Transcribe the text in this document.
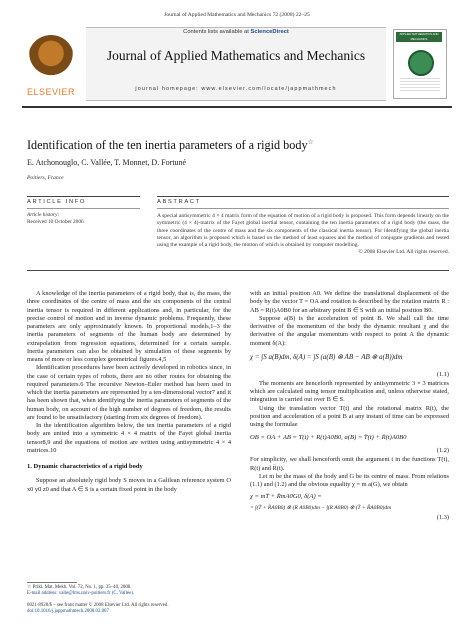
Journal of Applied Mathematics and Mechanics 72 (2008) 22–25
ELSEVIER
Contents lists available at ScienceDirect
Journal of Applied Mathematics and Mechanics
journal homepage: www.elsevier.com/locate/jappmathmech
APPLIED MATHEMATICS AND MECHANICS
Identification of the ten inertia parameters of a rigid body☆
E. Atchonouglo, C. Vallée, T. Monnet, D. Fortuné
Poitiers, France
ARTICLE INFO
Article history:
Received 10 October 2006
ABSTRACT
A special antisymmetric 4 × 4 matrix form of the equation of motion of a rigid body is proposed. This form depends linearly on the symmetric (4 × 4)-matrix of the Fayet global inertial tensor, containing the ten inertia parameters of a rigid body (the mass, the three coordinates of the centre of mass and the six components of the classical inertia tensor). For identifying the global inertia tensor, an algorithm is proposed which is based on the method of least squares and the method of conjugate gradients and tested using the example of a rigid body, the motion of which is obtained by computer modelling.
© 2008 Elsevier Ltd. All rights reserved.

A knowledge of the inertia parameters of a rigid body, that is, the mass, the three coordinates of the centre of mass and the six components of the central inertia tensor is required in different applications and, in particular, for the precise control of motion and in inverse dynamic problems. Frequently, these parameters are only approximately known. In proportional models,1–3 the inertia parameters of segments of the human body are determined by extrapolation from regression equations, determined for a certain sample. Inertia parameters can also be obtained by simulation of these segments by means of more or less complex geometrical figures.4,5

Identification procedures have been actively developed in robotics since, in the case of certain types of robots, there are no other routes for obtaining the required parameters.6 The recursive Newton–Euler method has been used in which the inertia parameters are represented by a ten-dimensional vector7 and it has been shown that, when identifying the inertia parameters of segments of the human body, on account of the high number of degrees of freedom, the results are found to be unsatisfactory (starting from six degrees of freedom).

In the identification algorithm below, the ten inertia parameters of a rigid body are united into a symmetric 4 × 4 matrix of the Fayet global inertia tensor8,9 and the equations of motion are written using antisymmetric 4 × 4 matrices.10

1. Dynamic characteristics of a rigid body

Suppose an absolutely rigid body S moves in a Galilean reference system O x0 y0 z0 and that A ∈ S is a certain fixed point in the body

☆ Prikl. Mat. Mekh. Vol. 72, No. 1, pp. 35–40, 2008.
E-mail address: valle@lms.univ-poitiers.fr (C. Vallée).
0021-8928/$ – see front matter © 2008 Elsevier Ltd. All rights reserved.
doi:10.1016/j.jappmathmech.2008.03.007

with an initial position A0. We define the translational displacement of the body by the vector T = OA and rotation is described by the rotation matrix R : AB = R(t)A0B0 for an arbitrary point B ∈ S with an initial position B0.

Suppose a(B) is the acceleration of point B. We shall call the time derivative of the momentum of the body the dynamic resultant χ and the derivative of the angular momentum with respect to point A the dynamic moment δ(A):

χ = ∫S a(B)dm, δ(A) = ∫S (a(B) ⊗ AB − AB ⊗ a(B))dm
(1.1)

The moments are henceforth represented by antisymmetric 3 × 3 matrices which are calculated using tensor multiplication and, unless otherwise stated, integration is carried out over B ∈ S.

Using the translation vector T(t) and the rotational matrix R(t), the position and acceleration of a point B at any instant of time can be expressed using the formulae

OB = OA + AB = T(t) + R(t)A0B0, a(B) = T̈(t) + R̈(t)A0B0
(1.2)

For simplicity, we shall henceforth omit the argument t in the functions T(t), R(t) and R̈(t).

Let m be the mass of the body and G be its centre of mass. From relations (1.1) and (1.2) and the obvious equality χ = m a(G), we obtain

χ = mT̈ + R̈mA0G0, δ(A) =
= ∫(T̈ + R̈A0B0) ⊗ (R A0B0)dm − ∫(R A0B0) ⊗ (T̈ + R̈A0B0)dm
(1.3)
